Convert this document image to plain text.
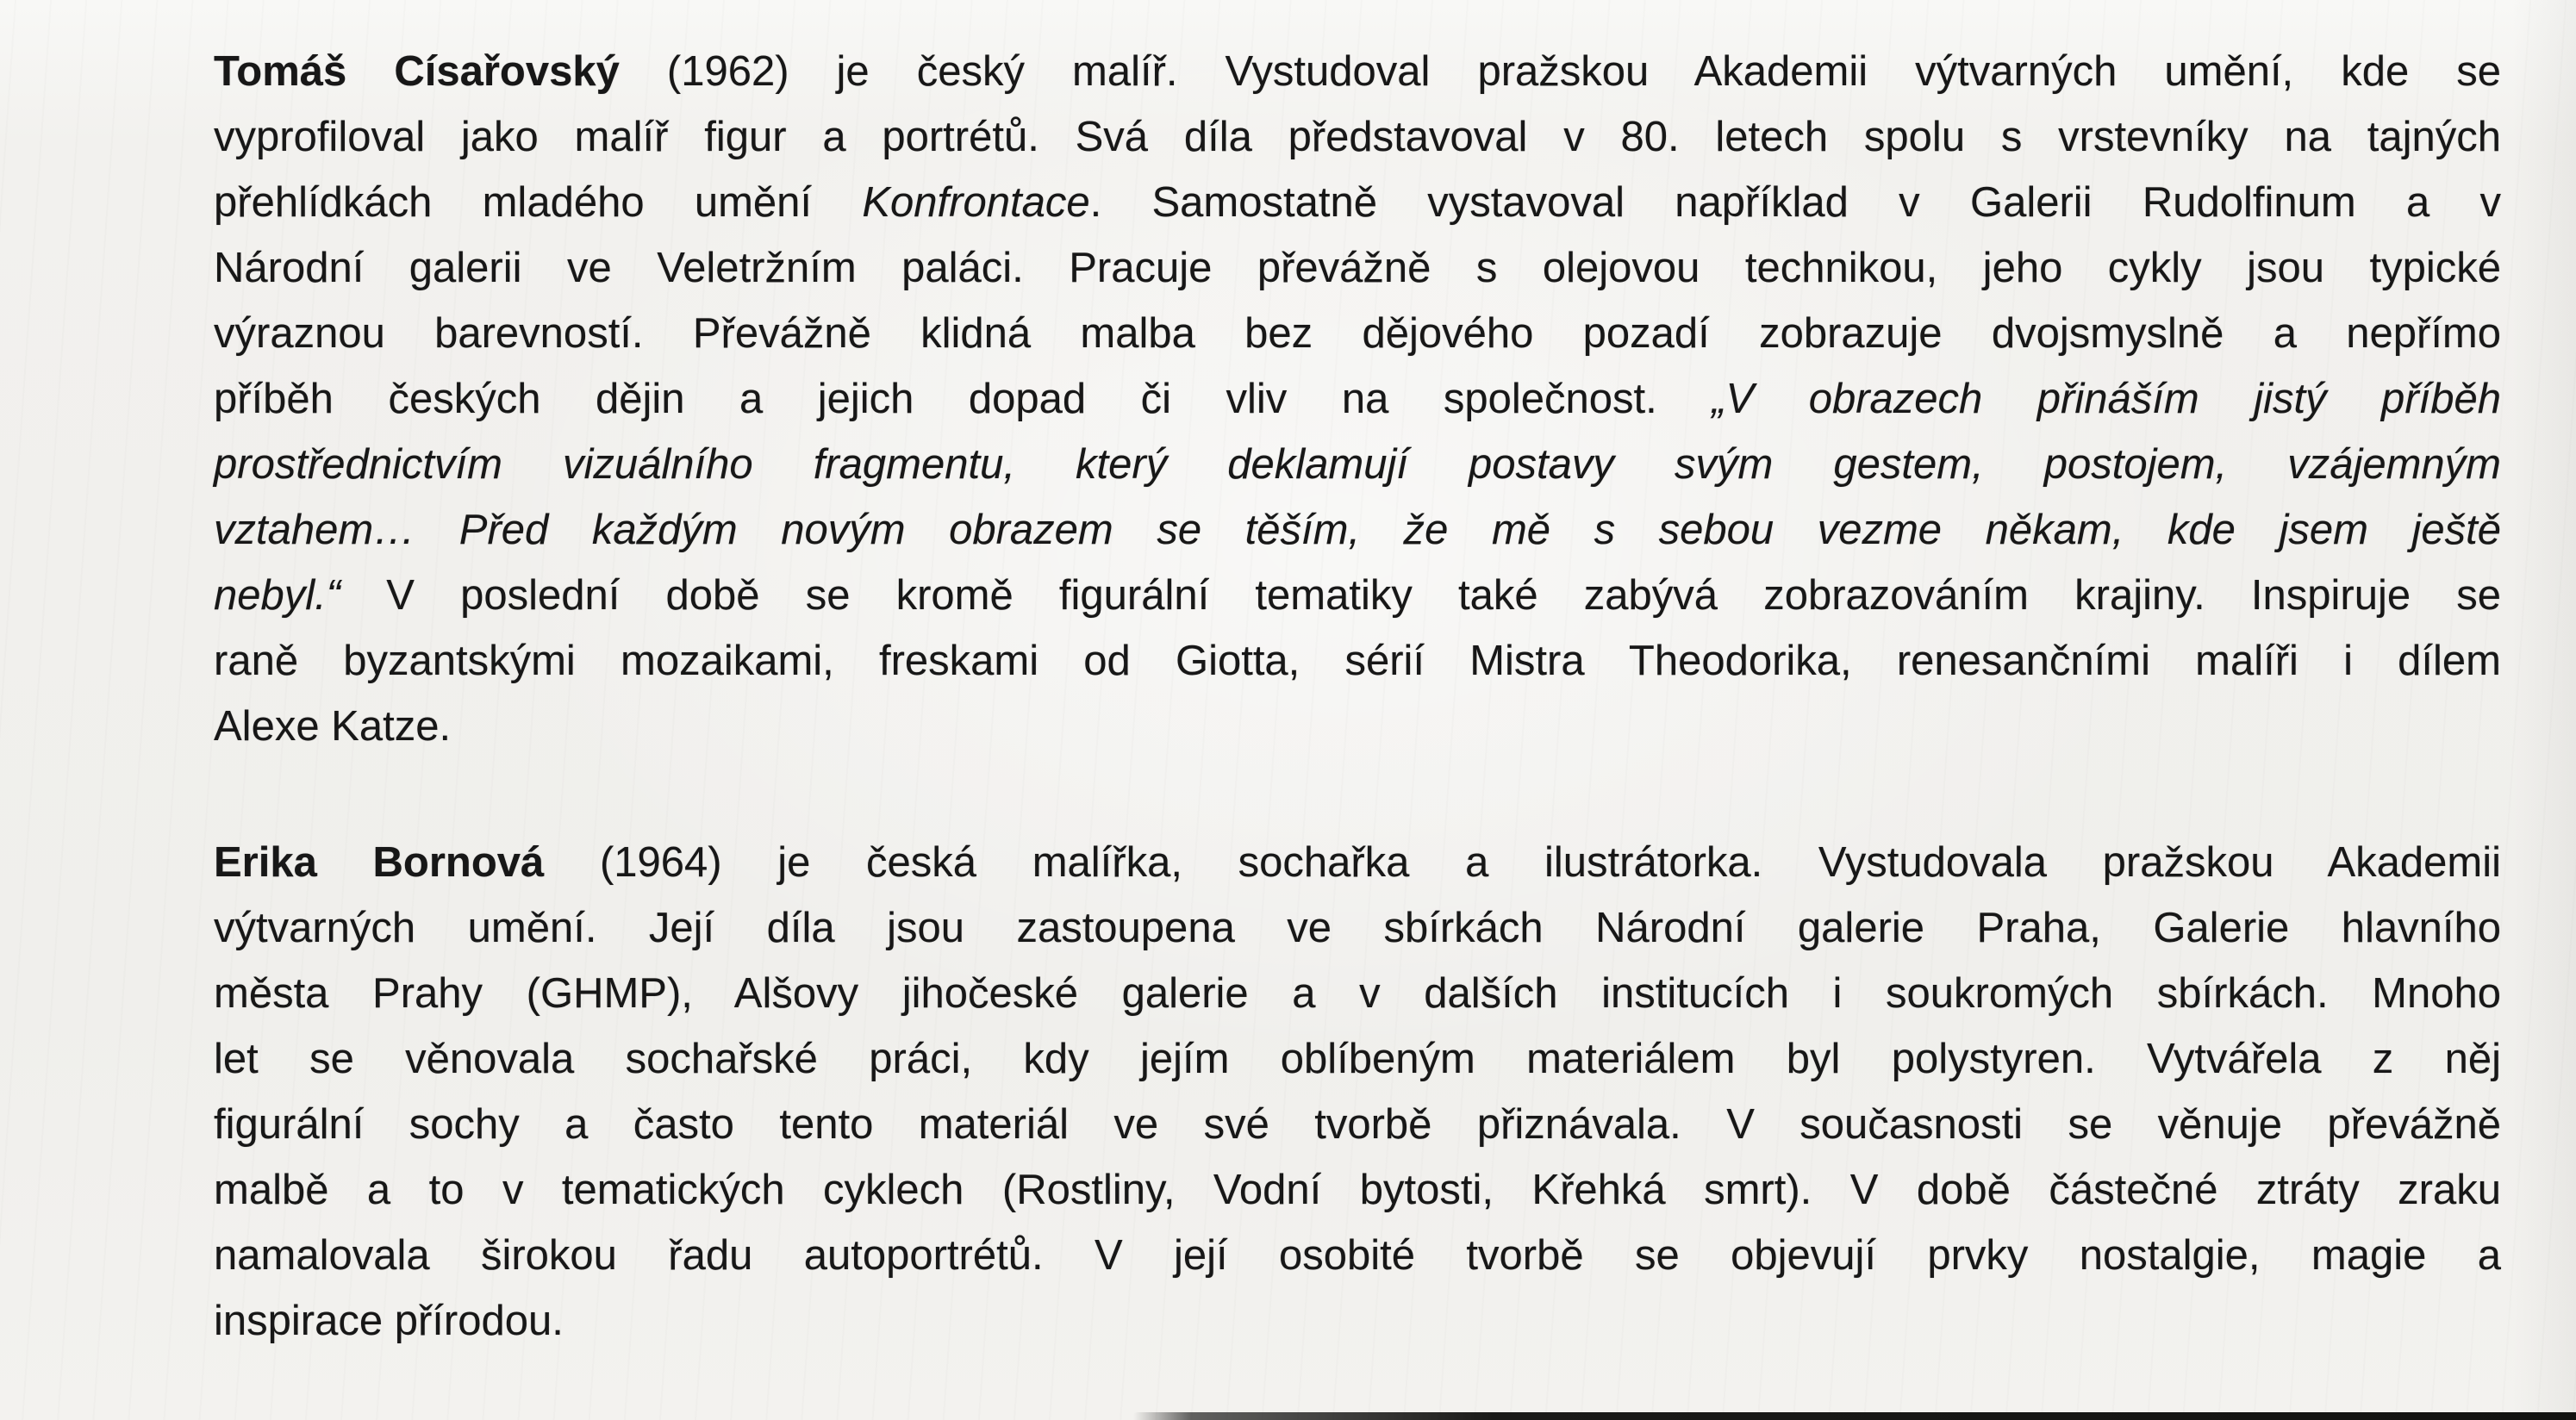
Tomáš Císařovský (1962) je český malíř. Vystudoval pražskou Akademii výtvarných umění, kde se
vyprofiloval jako malíř figur a portrétů. Svá díla představoval v 80. letech spolu s vrstevníky na tajných
přehlídkách mladého umění Konfrontace. Samostatně vystavoval například v Galerii Rudolfinum a v
Národní galerii ve Veletržním paláci. Pracuje převážně s olejovou technikou, jeho cykly jsou typické
výraznou barevností. Převážně klidná malba bez dějového pozadí zobrazuje dvojsmyslně a nepřímo
příběh českých dějin a jejich dopad či vliv na společnost. „V obrazech přináším jistý příběh
prostřednictvím vizuálního fragmentu, který deklamují postavy svým gestem, postojem, vzájemným
vztahem… Před každým novým obrazem se těším, že mě s sebou vezme někam, kde jsem ještě
nebyl.“ V poslední době se kromě figurální tematiky také zabývá zobrazováním krajiny. Inspiruje se
raně byzantskými mozaikami, freskami od Giotta, sérií Mistra Theodorika, renesančními malíři i dílem
Alexe Katze.
Erika Bornová (1964) je česká malířka, sochařka a ilustrátorka. Vystudovala pražskou Akademii
výtvarných umění. Její díla jsou zastoupena ve sbírkách Národní galerie Praha, Galerie hlavního
města Prahy (GHMP), Alšovy jihočeské galerie a v dalších institucích i soukromých sbírkách. Mnoho
let se věnovala sochařské práci, kdy jejím oblíbeným materiálem byl polystyren. Vytvářela z něj
figurální sochy a často tento materiál ve své tvorbě přiznávala. V současnosti se věnuje převážně
malbě a to v tematických cyklech (Rostliny, Vodní bytosti, Křehká smrt). V době částečné ztráty zraku
namalovala širokou řadu autoportrétů. V její osobité tvorbě se objevují prvky nostalgie, magie a
inspirace přírodou.
